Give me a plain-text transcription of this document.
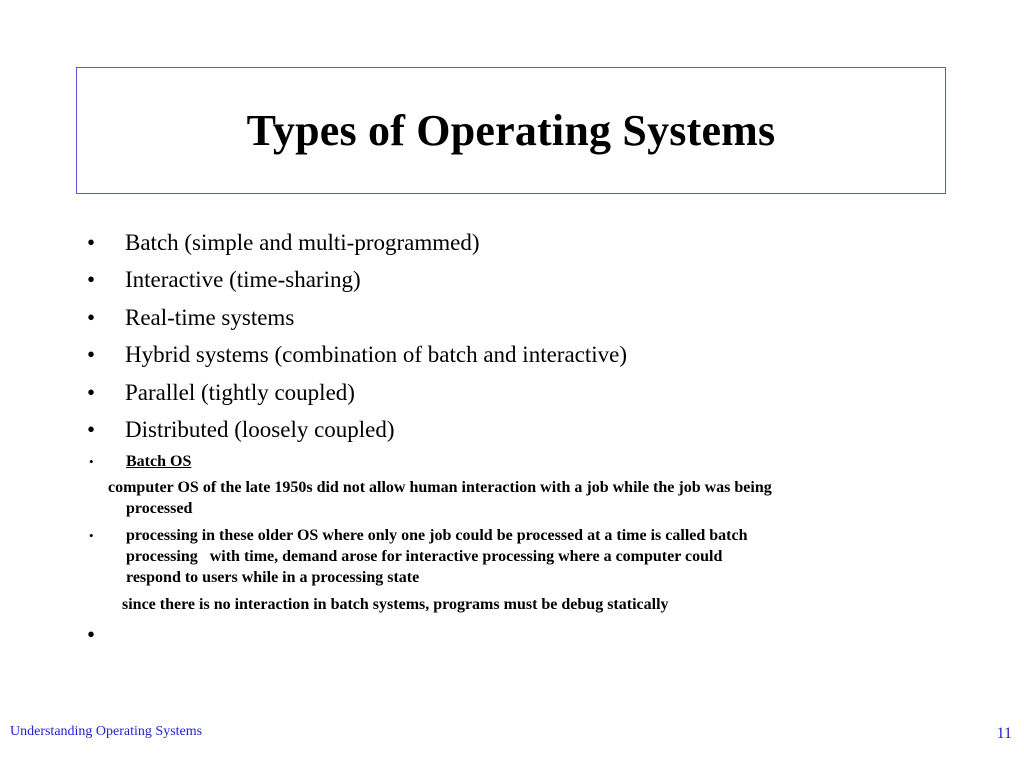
Types of Operating Systems
• Batch (simple and multi-programmed)
• Interactive (time-sharing)
• Real-time systems
• Hybrid systems (combination of batch and interactive)
• Parallel (tightly coupled)
• Distributed (loosely coupled)
• Batch OS
computer OS of the late 1950s did not allow human interaction with a job while the job was being
processed
• processing in these older OS where only one job could be processed at a time is called batch
processing   with time, demand arose for interactive processing where a computer could
respond to users while in a processing state
since there is no interaction in batch systems, programs must be debug statically
•
Understanding Operating Systems	11
